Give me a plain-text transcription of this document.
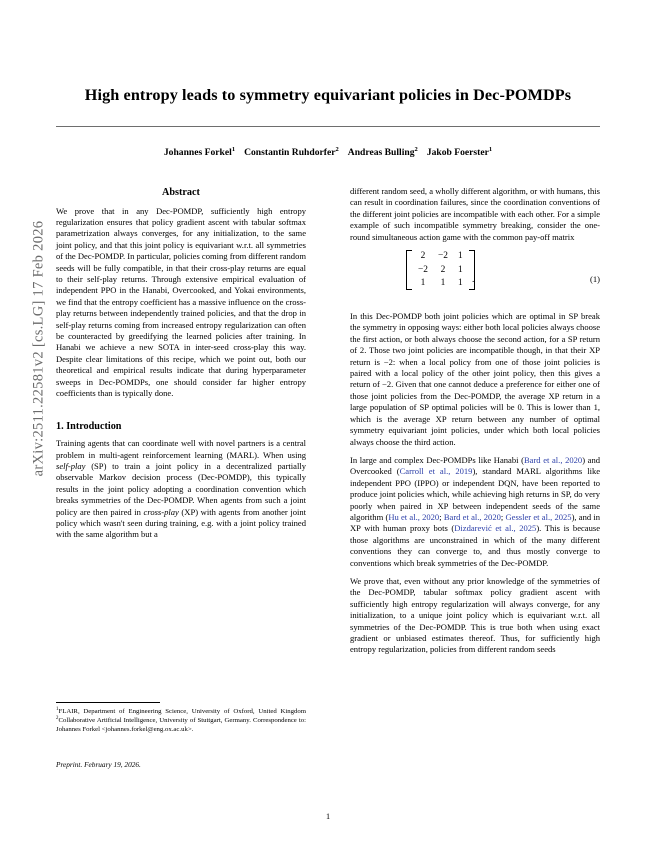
arXiv:2511.22581v2 [cs.LG] 17 Feb 2026
High entropy leads to symmetry equivariant policies in Dec-POMDPs
Johannes Forkel$^1$ Constantin Ruhdorfer$^2$ Andreas Bulling$^2$ Jakob Foerster$^1$
Abstract

We prove that in any Dec-POMDP, sufficiently high entropy regularization ensures that policy gradient ascent with tabular softmax parametrization always converges, for any initialization, to the same joint policy, and that this joint policy is equivariant w.r.t. all symmetries of the Dec-POMDP. In particular, policies coming from different random seeds will be fully compatible, in that their cross-play returns are equal to their self-play returns. Through extensive empirical evaluation of independent PPO in the Hanabi, Overcooked, and Yokai environments, we find that the entropy coefficient has a massive influence on the cross-play returns between independently trained policies, and that the drop in self-play returns coming from increased entropy regularization can often be counteracted by greedifying the learned policies after training. In Hanabi we achieve a new SOTA in inter-seed cross-play this way. Despite clear limitations of this recipe, which we point out, both our theoretical and empirical results indicate that during hyperparameter sweeps in Dec-POMDPs, one should consider far higher entropy coefficients than is typically done.

1. Introduction

Training agents that can coordinate well with novel partners is a central problem in multi-agent reinforcement learning (MARL). When using self-play (SP) to train a joint policy in a decentralized partially observable Markov decision process (Dec-POMDP), this typically results in the joint policy adopting a coordination convention which breaks symmetries of the Dec-POMDP. When agents from such a joint policy are then paired in cross-play (XP) with agents from another joint policy which wasn't seen during training, e.g. with a joint policy trained with the same algorithm but a

$^1$FLAIR, Department of Engineering Science, University of Oxford, United Kingdom $^2$Collaborative Artificial Intelligence, University of Stuttgart, Germany. Correspondence to: Johannes Forkel <johannes.forkel@eng.ox.ac.uk>.
Preprint. February 19, 2026.

different random seed, a wholly different algorithm, or with humans, this can result in coordination failures, since the coordination conventions of the different joint policies are incompatible with each other. For a simple example of such incompatible symmetry breaking, consider the one-round simultaneous action game with the common pay-off matrix

2	−2	1
−2	2	1
1	1	1 .	(1)

In this Dec-POMDP both joint policies which are optimal in SP break the symmetry in opposing ways: either both local policies always choose the first action, or both always choose the second action, for a SP return of 2. Those two joint policies are incompatible though, in that their XP return is −2: when a local policy from one of those joint policies is paired with a local policy of the other joint policy, then this gives a return of −2. Given that one cannot deduce a preference for either one of those joint policies from the Dec-POMDP, the average XP return in a large population of SP optimal policies will be 0. This is lower than 1, which is the average XP return between any number of optimal symmetry equivariant joint policies, under which both local policies always choose the third action.

In large and complex Dec-POMDPs like Hanabi (Bard et al., 2020) and Overcooked (Carroll et al., 2019), standard MARL algorithms like independent PPO (IPPO) or independent DQN, have been reported to produce joint policies which, while achieving high returns in SP, do very poorly when paired in XP between independent seeds of the same algorithm (Hu et al., 2020; Bard et al., 2020; Gessler et al., 2025), and in XP with human proxy bots (Dizdarević et al., 2025). This is because those algorithms are unconstrained in which of the many different conventions they can converge to, and thus mostly converge to conventions which break symmetries of the Dec-POMDP.

We prove that, even without any prior knowledge of the symmetries of the Dec-POMDP, tabular softmax policy gradient ascent with sufficiently high entropy regularization will always converge, for any initialization, to a unique joint policy which is equivariant w.r.t. all symmetries of the Dec-POMDP. This is true both when using exact gradient or unbiased estimates thereof. Thus, for sufficiently high entropy regularization, policies from different random seeds

1
